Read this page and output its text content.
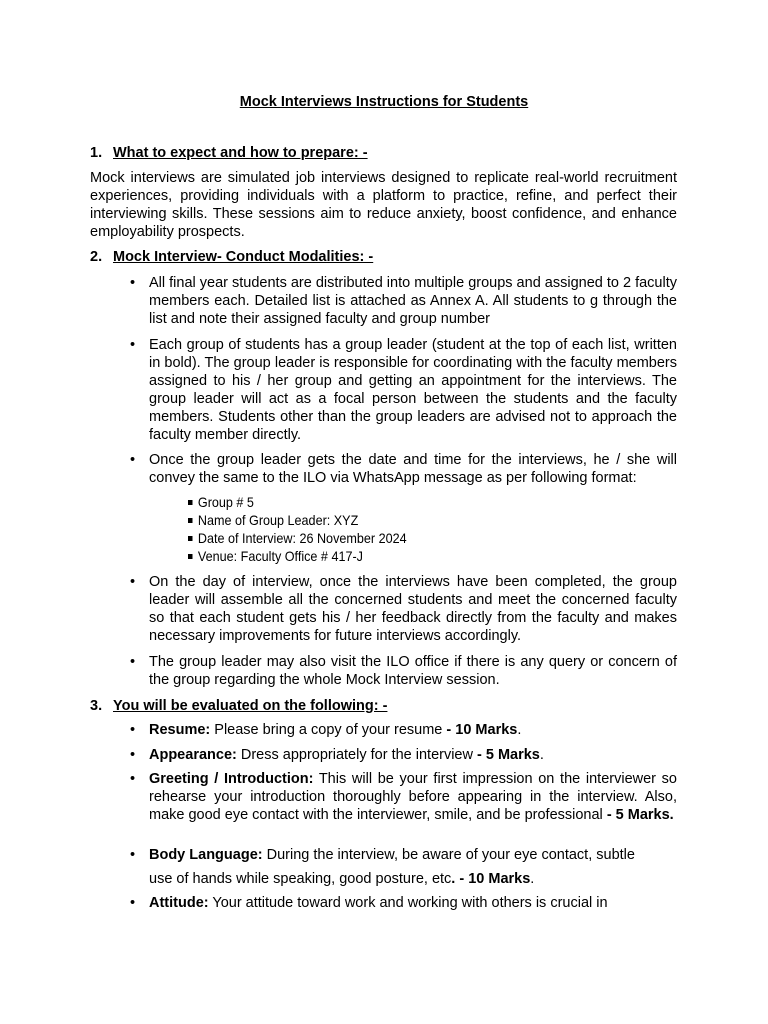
Mock Interviews Instructions for Students
1. What to expect and how to prepare: -

Mock interviews are simulated job interviews designed to replicate real-world recruitment experiences, providing individuals with a platform to practice, refine, and perfect their interviewing skills. These sessions aim to reduce anxiety, boost confidence, and enhance employability prospects.

2. Mock Interview- Conduct Modalities: -
• All final year students are distributed into multiple groups and assigned to 2 faculty members each. Detailed list is attached as Annex A. All students to g through the list and note their assigned faculty and group number
• Each group of students has a group leader (student at the top of each list, written in bold). The group leader is responsible for coordinating with the faculty members assigned to his / her group and getting an appointment for the interviews. The group leader will act as a focal person between the students and the faculty members. Students other than the group leaders are advised not to approach the faculty member directly.
• Once the group leader gets the date and time for the interviews, he / she will convey the same to the ILO via WhatsApp message as per following format:
Group # 5
Name of Group Leader: XYZ
Date of Interview: 26 November 2024
Venue: Faculty Office # 417-J
• On the day of interview, once the interviews have been completed, the group leader will assemble all the concerned students and meet the concerned faculty so that each student gets his / her feedback directly from the faculty and makes necessary improvements for future interviews accordingly.
• The group leader may also visit the ILO office if there is any query or concern of the group regarding the whole Mock Interview session.
3. You will be evaluated on the following: -
• Resume: Please bring a copy of your resume - 10 Marks.
• Appearance: Dress appropriately for the interview - 5 Marks.
• Greeting / Introduction: This will be your first impression on the interviewer so rehearse your introduction thoroughly before appearing in the interview. Also, make good eye contact with the interviewer, smile, and be professional - 5 Marks.
• Body Language: During the interview, be aware of your eye contact, subtle use of hands while speaking, good posture, etc. - 10 Marks.
• Attitude: Your attitude toward work and working with others is crucial in
